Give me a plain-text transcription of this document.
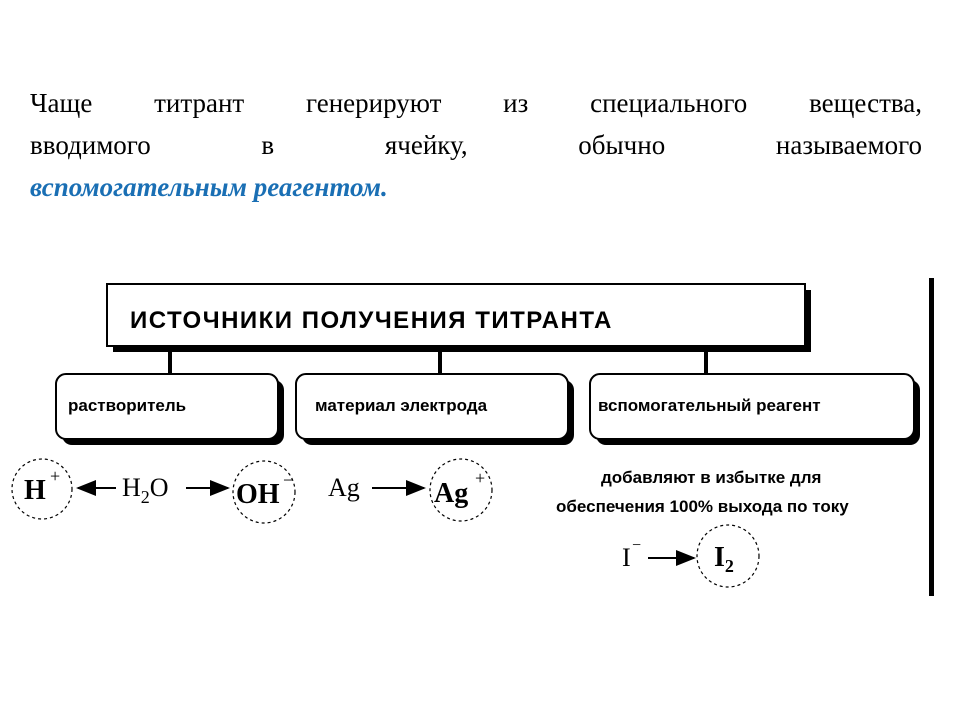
Чаще титрант генерируют из специального вещества,
вводимого в ячейку, обычно называемого
вспомогательным реагентом.
ИСТОЧНИКИ ПОЛУЧЕНИЯ ТИТРАНТА
растворитель	материал электрода	вспомогательный реагент
$H + H_2O$ OH − Ag	Ag +	добавляют в избытке для
обеспечения 100% выхода по току
I −	$I_2$
